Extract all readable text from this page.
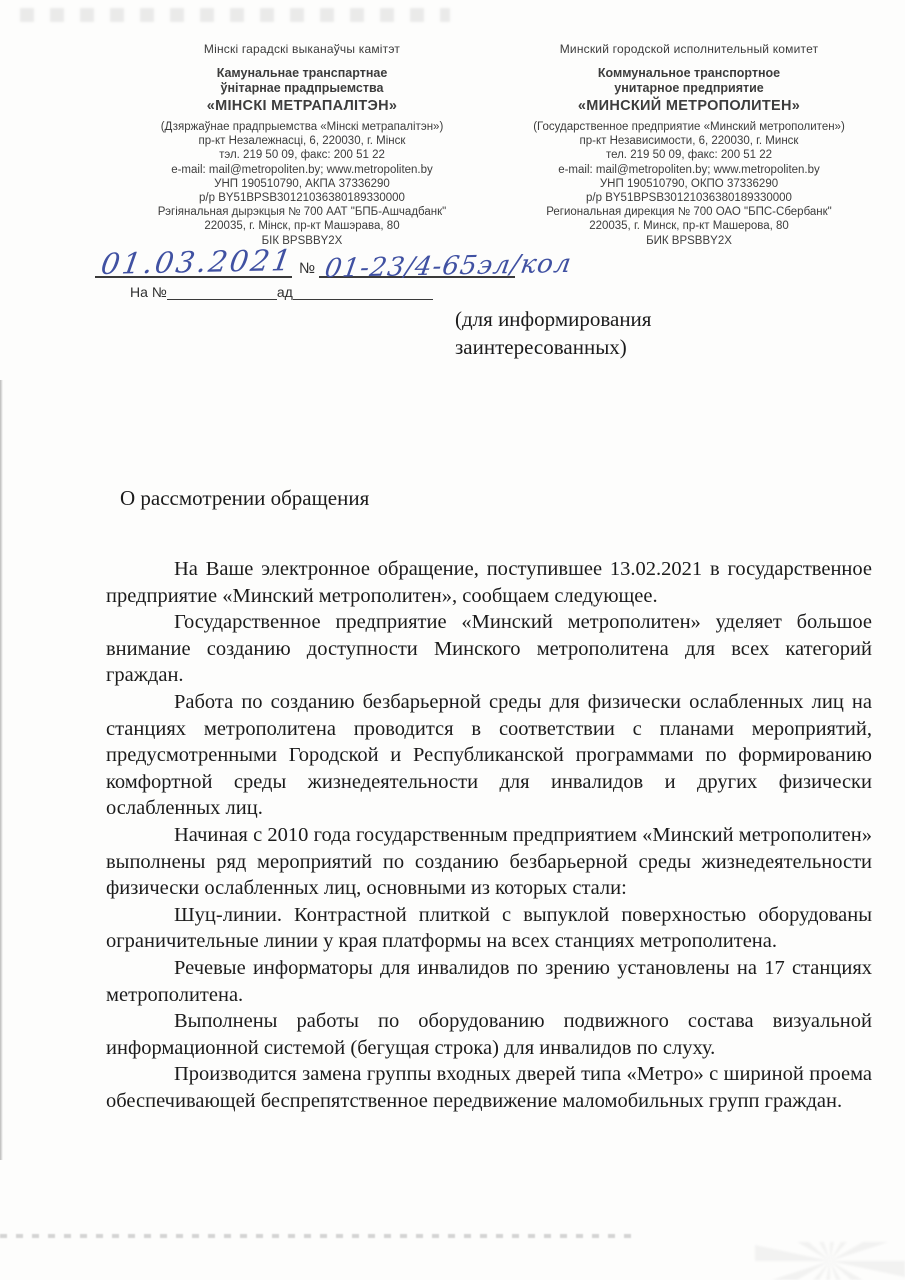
Мінскі гарадскі выканаўчы камітэт
Камунальнае транспартнае
ўнітарнае прадпрыемства
«МІНСКІ МЕТРАПАЛІТЭН»
(Дзяржаўнае прадпрыемства «Мінскі метрапалітэн»)
пр-кт Незалежнасці, 6, 220030, г. Мінск
тэл. 219 50 09, факс: 200 51 22
e-mail: mail@metropoliten.by; www.metropoliten.by
УНП 190510790, АКПА 37336290
р/р BY51BPSB30121036380189330000
Рэгіянальная дырэкцыя № 700 ААТ "БПБ-Ашчадбанк"
220035, г. Мінск, пр-кт Машэрава, 80
БІК BPSBBY2X
Минский городской исполнительный комитет
Коммунальное транспортное
унитарное предприятие
«МИНСКИЙ МЕТРОПОЛИТЕН»
(Государственное предприятие «Минский метрополитен»)
пр-кт Независимости, 6, 220030, г. Минск
тел. 219 50 09, факс: 200 51 22
e-mail: mail@metropoliten.by; www.metropoliten.by
УНП 190510790, ОКПО 37336290
р/р BY51BPSB30121036380189330000
Региональная дирекция № 700 ОАО "БПС-Сбербанк"
220035, г. Минск, пр-кт Машерова, 80
БИК BPSBBY2X
01.03.2021 № 01-23/4-65эл/кол
На №	ад
(для информирования
заинтересованных)
О рассмотрении обращения

На Ваше электронное обращение, поступившее 13.02.2021 в государственное предприятие «Минский метрополитен», сообщаем следующее.

Государственное предприятие «Минский метрополитен» уделяет большое внимание созданию доступности Минского метрополитена для всех категорий граждан.

Работа по созданию безбарьерной среды для физически ослабленных лиц на станциях метрополитена проводится в соответствии с планами мероприятий, предусмотренными Городской и Республиканской программами по формированию комфортной среды жизнедеятельности для инвалидов и других физически ослабленных лиц.

Начиная с 2010 года государственным предприятием «Минский метрополитен» выполнены ряд мероприятий по созданию безбарьерной среды жизнедеятельности физически ослабленных лиц, основными из которых стали:

Шуц-линии. Контрастной плиткой с выпуклой поверхностью оборудованы ограничительные линии у края платформы на всех станциях метрополитена.

Речевые информаторы для инвалидов по зрению установлены на 17 станциях метрополитена.

Выполнены работы по оборудованию подвижного состава визуальной информационной системой (бегущая строка) для инвалидов по слуху.

Производится замена группы входных дверей типа «Метро» с шириной проема обеспечивающей беспрепятственное передвижение маломобильных групп граждан.
